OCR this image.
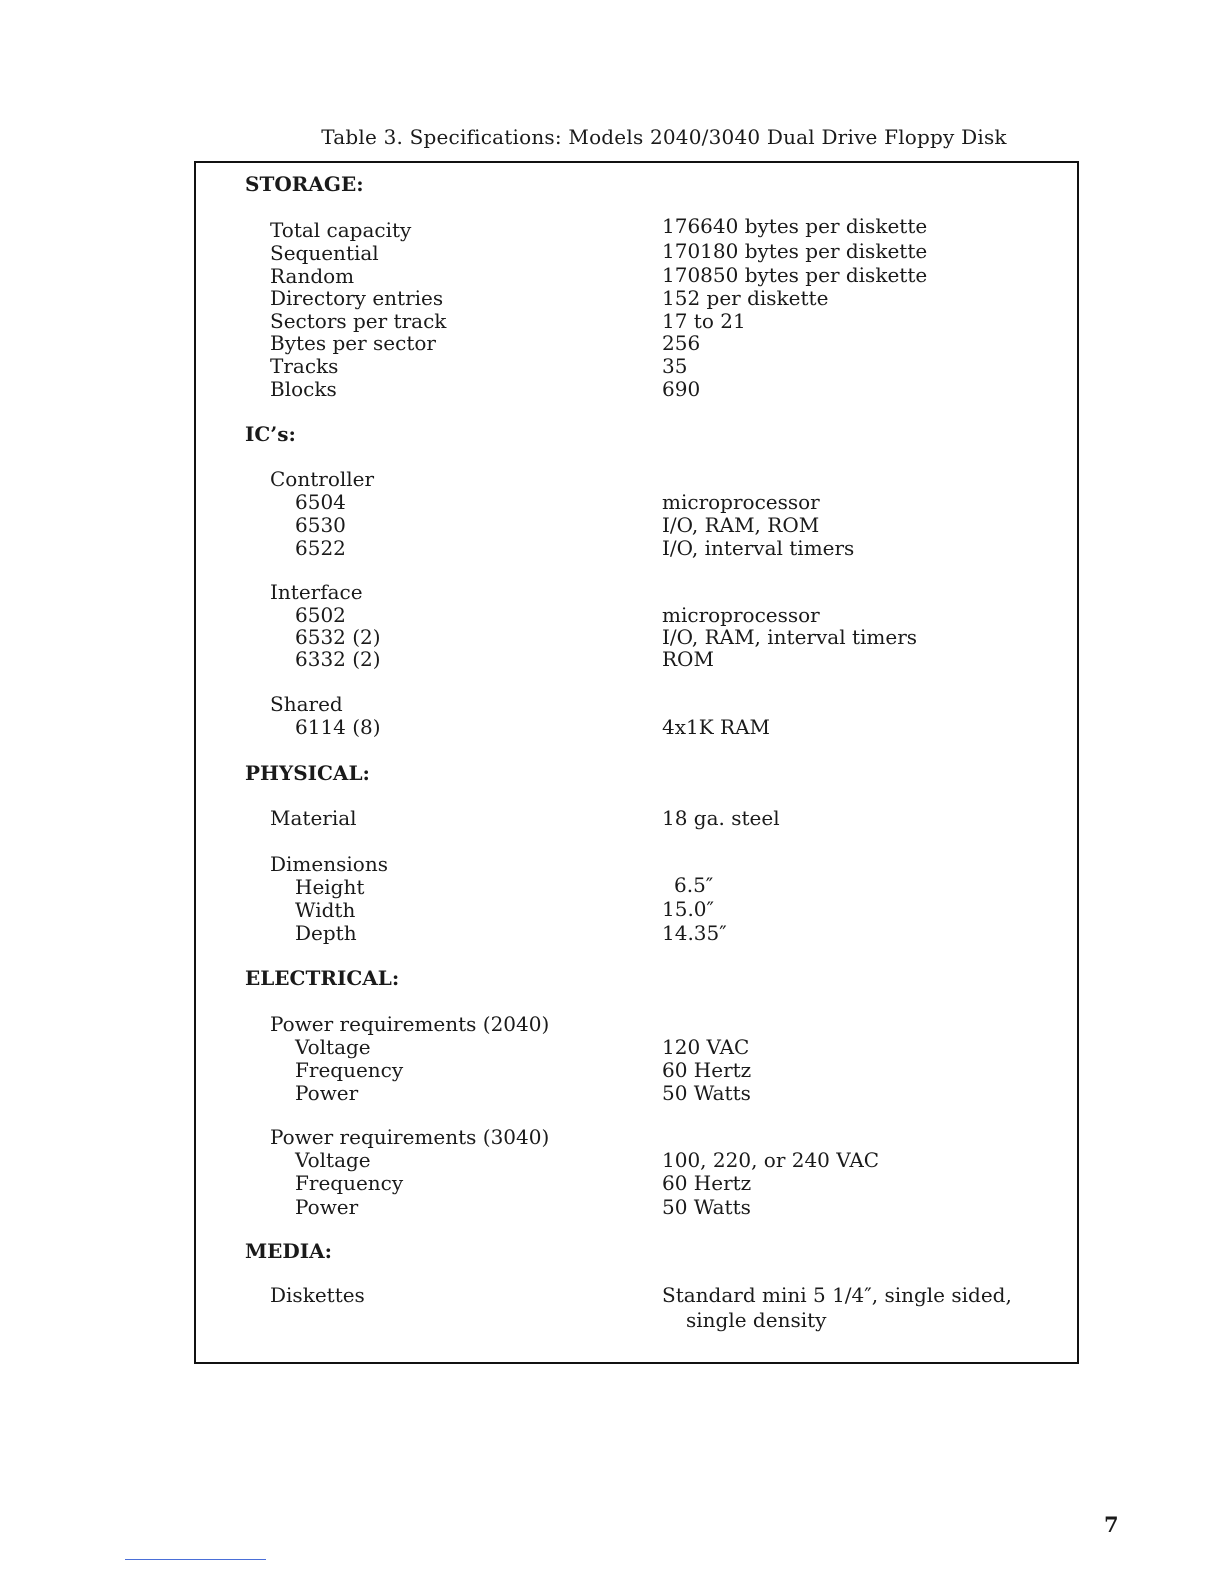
Table 3. Specifications: Models 2040/3040 Dual Drive Floppy Disk
STORAGE:
Total capacity	176640 bytes per diskette
Sequential	170180 bytes per diskette
Random	170850 bytes per diskette
Directory entries	152 per diskette
Sectors per track	17 to 21
Bytes per sector	256
Tracks	35
Blocks	690
IC’s:
Controller
6504	microprocessor
6530	I/O, RAM, ROM
6522	I/O, interval timers
Interface
6502	microprocessor
6532 (2)	I/O, RAM, interval timers
6332 (2)	ROM
Shared
6114 (8)	4x1K RAM
PHYSICAL:
Material	18 ga. steel
Dimensions
Height	6.5″
Width	15.0″
Depth	14.35″
ELECTRICAL:
Power requirements (2040)
Voltage	120 VAC
Frequency	60 Hertz
Power	50 Watts
Power requirements (3040)
Voltage	100, 220, or 240 VAC
Frequency	60 Hertz
Power	50 Watts
MEDIA:
Diskettes	Standard mini 5 1/4″, single sided,
single density
7
